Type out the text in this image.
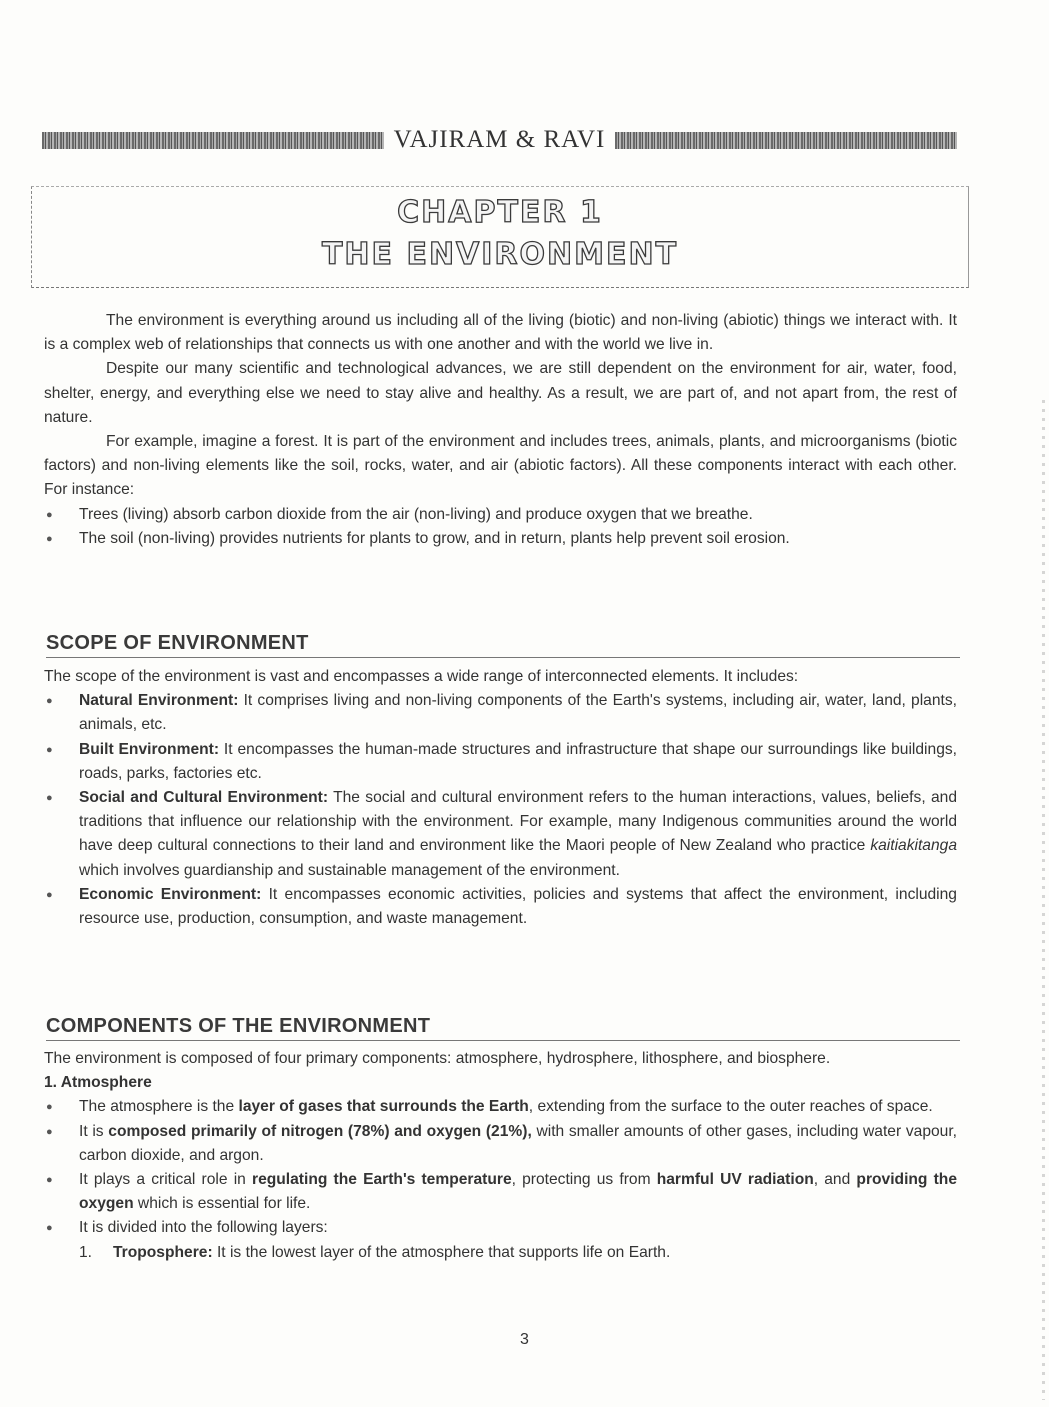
VAJIRAM & RAVI
CHAPTER 1
THE ENVIRONMENT

The environment is everything around us including all of the living (biotic) and non-living (abiotic) things we interact with. It is a complex web of relationships that connects us with one another and with the world we live in.

Despite our many scientific and technological advances, we are still dependent on the environment for air, water, food, shelter, energy, and everything else we need to stay alive and healthy. As a result, we are part of, and not apart from, the rest of nature.

For example, imagine a forest. It is part of the environment and includes trees, animals, plants, and microorganisms (biotic factors) and non-living elements like the soil, rocks, water, and air (abiotic factors). All these components interact with each other. For instance:

● Trees (living) absorb carbon dioxide from the air (non-living) and produce oxygen that we breathe.
● The soil (non-living) provides nutrients for plants to grow, and in return, plants help prevent soil erosion.
SCOPE OF ENVIRONMENT

The scope of the environment is vast and encompasses a wide range of interconnected elements. It includes:

● Natural Environment: It comprises living and non-living components of the Earth's systems, including air, water, land, plants, animals, etc.
● Built Environment: It encompasses the human-made structures and infrastructure that shape our surroundings like buildings, roads, parks, factories etc.
● Social and Cultural Environment: The social and cultural environment refers to the human interactions, values, beliefs, and traditions that influence our relationship with the environment. For example, many Indigenous communities around the world have deep cultural connections to their land and environment like the Maori people of New Zealand who practice kaitiakitanga which involves guardianship and sustainable management of the environment.
● Economic Environment: It encompasses economic activities, policies and systems that affect the environment, including resource use, production, consumption, and waste management.
COMPONENTS OF THE ENVIRONMENT

The environment is composed of four primary components: atmosphere, hydrosphere, lithosphere, and biosphere.

1. Atmosphere

● The atmosphere is the layer of gases that surrounds the Earth, extending from the surface to the outer reaches of space.
● It is composed primarily of nitrogen (78%) and oxygen (21%), with smaller amounts of other gases, including water vapour, carbon dioxide, and argon.
● It plays a critical role in regulating the Earth's temperature, protecting us from harmful UV radiation, and providing the oxygen which is essential for life.
● It is divided into the following layers:
1. Troposphere: It is the lowest layer of the atmosphere that supports life on Earth.
3
